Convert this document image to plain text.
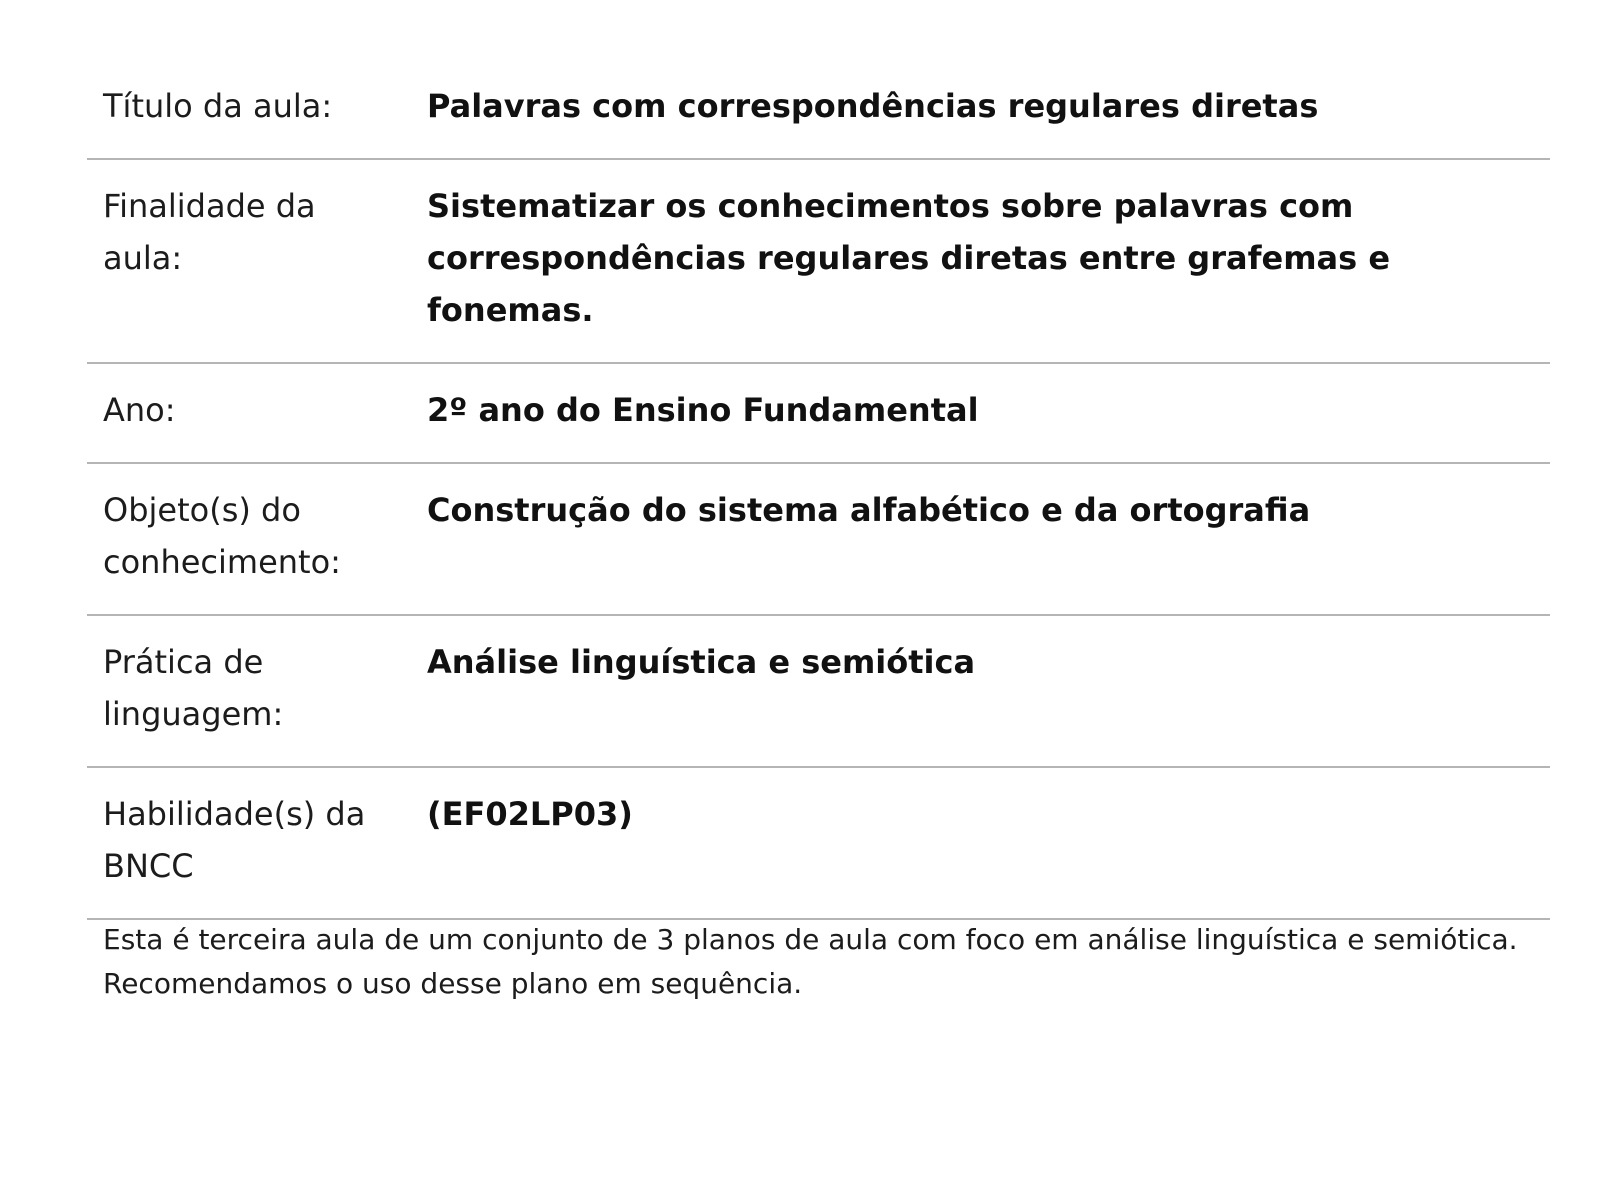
Título da aula:	Palavras com correspondências regulares diretas

Finalidade da aula:	Sistematizar os conhecimentos sobre palavras com correspondências regulares diretas entre grafemas e fonemas.

Ano:	2º ano do Ensino Fundamental

Objeto(s) do conhecimento:	Construção do sistema alfabético e da ortografia

Prática de linguagem:	Análise linguística e semiótica

Habilidade(s) da BNCC	(EF02LP03)

Esta é terceira aula de um conjunto de 3 planos de aula com foco em análise linguística e semiótica. Recomendamos o uso desse plano em sequência.
